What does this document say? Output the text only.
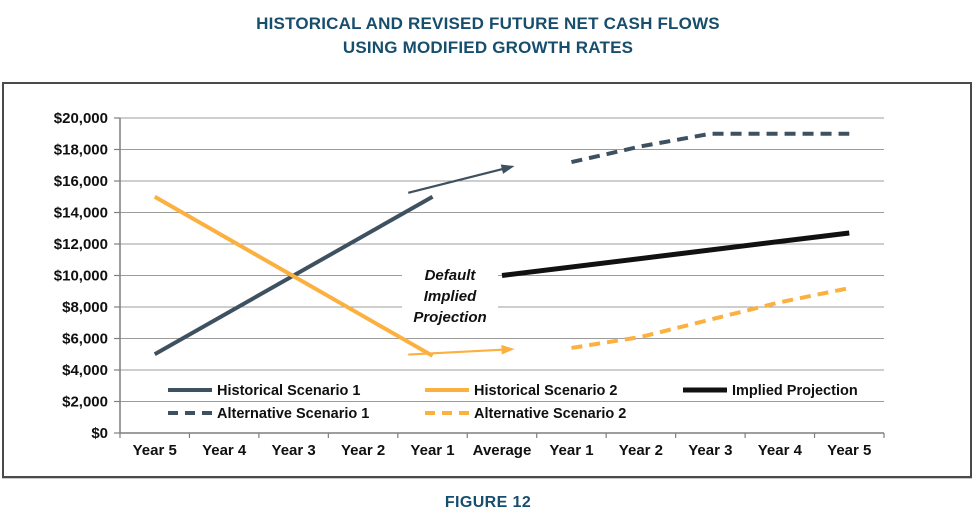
HISTORICAL AND REVISED FUTURE NET CASH FLOWS
USING MODIFIED GROWTH RATES
$0
$2,000
$4,000
$6,000
$8,000
$10,000
$12,000
$14,000
$16,000
$18,000
$20,000
Year 5 Year 4 Year 3 Year 2 Year 1 Average Year 1 Year 2 Year 3 Year 4 Year 5
Default
Implied
Projection
Historical Scenario 1	Historical Scenario 2	Implied Projection
Alternative Scenario 1	Alternative Scenario 2
FIGURE 12
